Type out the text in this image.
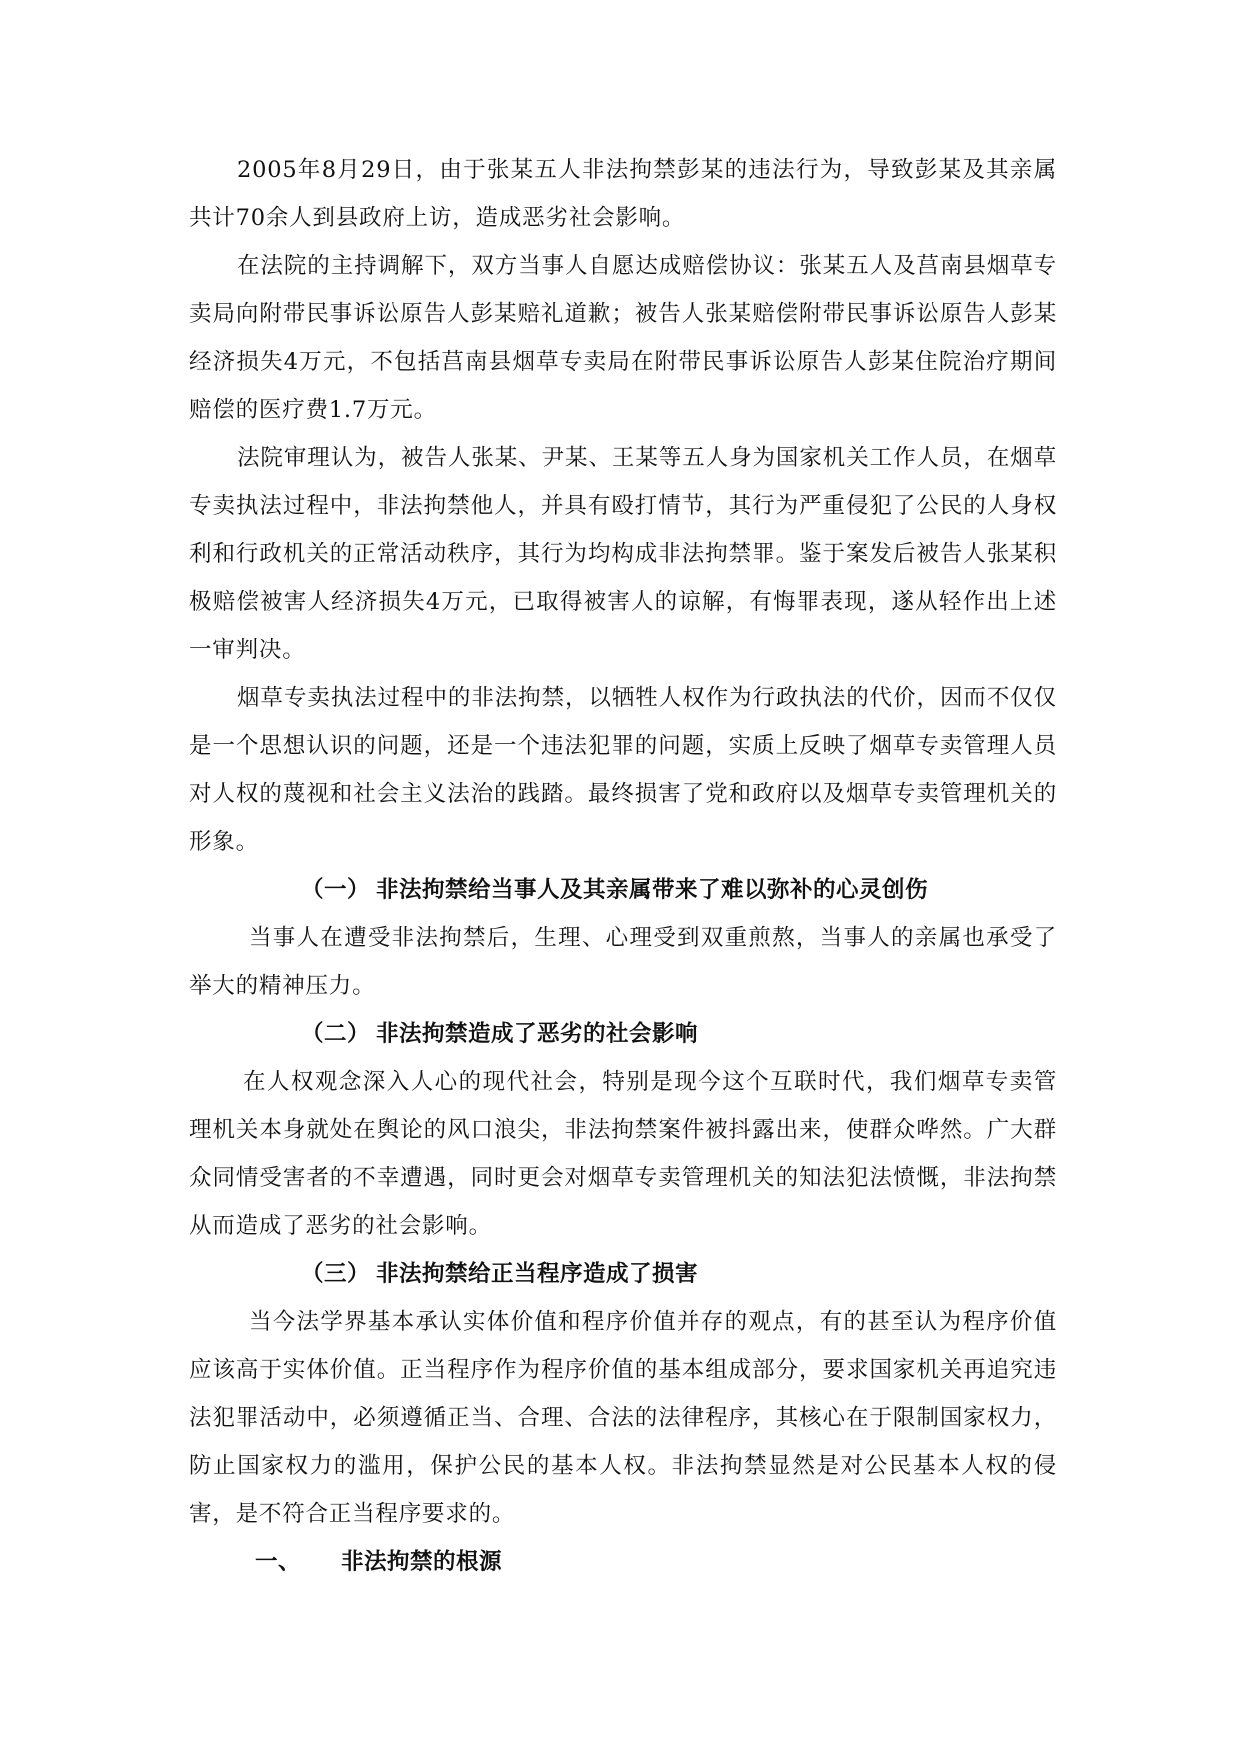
2005年8月29日，由于张某五人非法拘禁彭某的违法行为，导致彭某及其亲属共计70余人到县政府上访，造成恶劣社会影响。

在法院的主持调解下，双方当事人自愿达成赔偿协议：张某五人及莒南县烟草专卖局向附带民事诉讼原告人彭某赔礼道歉；被告人张某赔偿附带民事诉讼原告人彭某经济损失4万元，不包括莒南县烟草专卖局在附带民事诉讼原告人彭某住院治疗期间赔偿的医疗费1.7万元。

法院审理认为，被告人张某、尹某、王某等五人身为国家机关工作人员，在烟草专卖执法过程中，非法拘禁他人，并具有殴打情节，其行为严重侵犯了公民的人身权利和行政机关的正常活动秩序，其行为均构成非法拘禁罪。鉴于案发后被告人张某积极赔偿被害人经济损失4万元，已取得被害人的谅解，有悔罪表现，遂从轻作出上述一审判决。

烟草专卖执法过程中的非法拘禁，以牺牲人权作为行政执法的代价，因而不仅仅是一个思想认识的问题，还是一个违法犯罪的问题，实质上反映了烟草专卖管理人员对人权的蔑视和社会主义法治的践踏。最终损害了党和政府以及烟草专卖管理机关的形象。

（一） 非法拘禁给当事人及其亲属带来了难以弥补的心灵创伤

当事人在遭受非法拘禁后，生理、心理受到双重煎熬，当事人的亲属也承受了举大的精神压力。

（二） 非法拘禁造成了恶劣的社会影响

在人权观念深入人心的现代社会，特别是现今这个互联时代，我们烟草专卖管理机关本身就处在舆论的风口浪尖，非法拘禁案件被抖露出来，使群众哗然。广大群众同情受害者的不幸遭遇，同时更会对烟草专卖管理机关的知法犯法愤慨，非法拘禁从而造成了恶劣的社会影响。

（三） 非法拘禁给正当程序造成了损害

当今法学界基本承认实体价值和程序价值并存的观点，有的甚至认为程序价值应该高于实体价值。正当程序作为程序价值的基本组成部分，要求国家机关再追究违法犯罪活动中，必须遵循正当、合理、合法的法律程序，其核心在于限制国家权力，防止国家权力的滥用，保护公民的基本人权。非法拘禁显然是对公民基本人权的侵害，是不符合正当程序要求的。

一、 非法拘禁的根源
